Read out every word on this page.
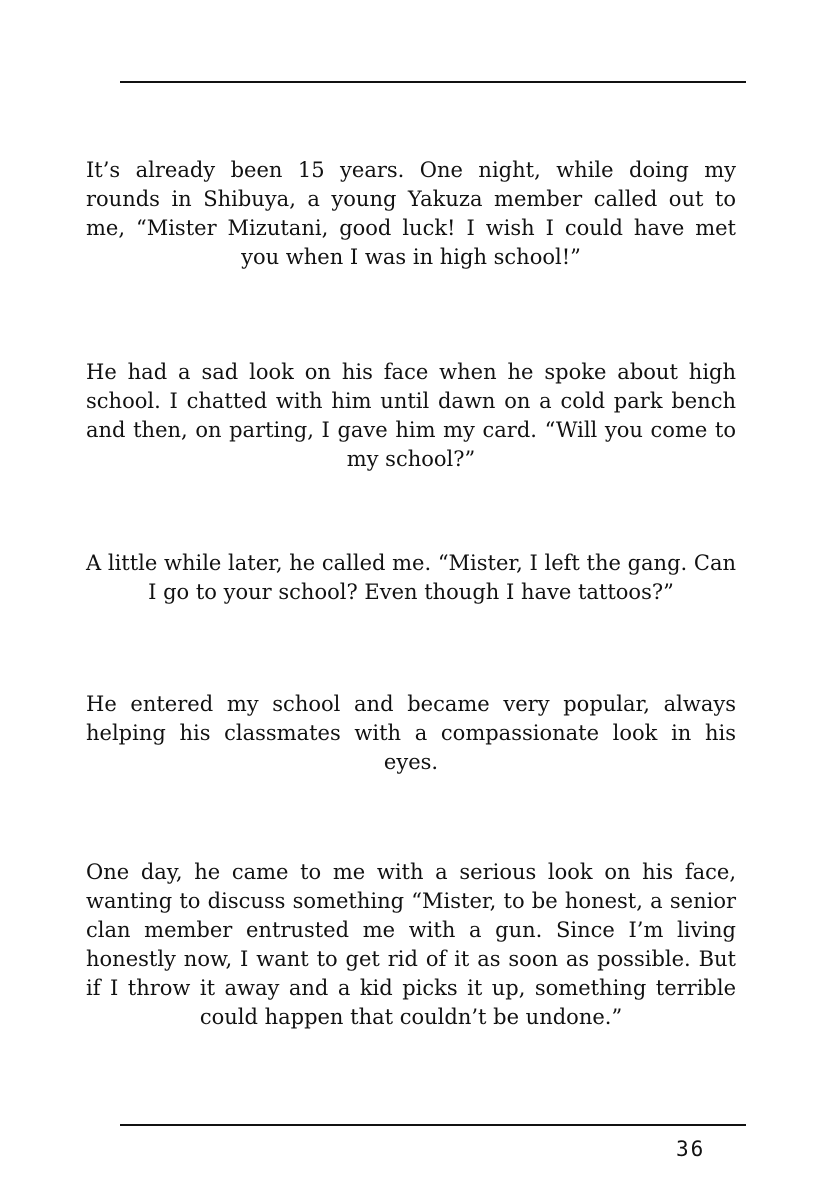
It’s already been 15 years. One night, while doing my rounds in Shibuya, a young Yakuza member called out to me, “Mister Mizutani, good luck! I wish I could have met you when I was in high school!”

He had a sad look on his face when he spoke about high school. I chatted with him until dawn on a cold park bench and then, on parting, I gave him my card. “Will you come to my school?”

A little while later, he called me. “Mister, I left the gang. Can I go to your school? Even though I have tattoos?”

He entered my school and became very popular, always helping his classmates with a compassionate look in his eyes.

One day, he came to me with a serious look on his face, wanting to discuss something “Mister, to be honest, a senior clan member entrusted me with a gun. Since I’m living honestly now, I want to get rid of it as soon as possible. But if I throw it away and a kid picks it up, something terrible could happen that couldn’t be undone.”

36
